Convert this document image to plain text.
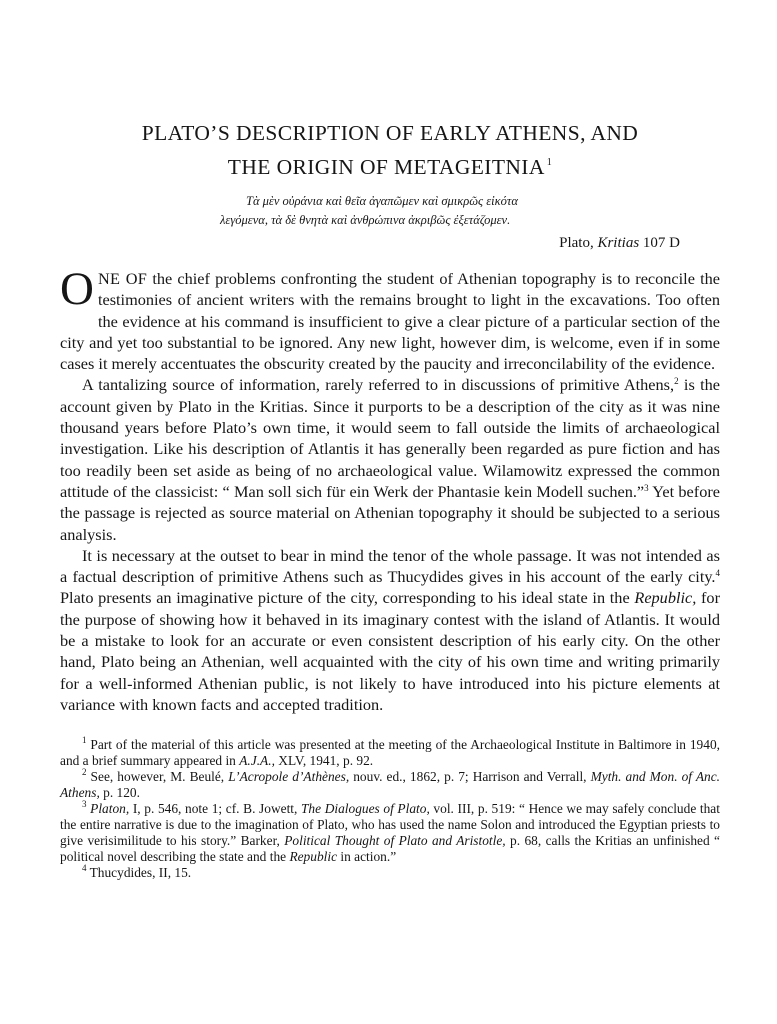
PLATO’S DESCRIPTION OF EARLY ATHENS, AND
THE ORIGIN OF METAGEITNIA $^1$
Τὰ μὲν οὐράνια καὶ θεῖα ἀγαπῶμεν καὶ σμικρῶς εἰκότα
λεγόμενα, τὰ δὲ θνητὰ καὶ ἀνθρώπινα ἀκριβῶς ἐξετάζομεν.
Plato, Kritias 107 D

ONE OF the chief problems confronting the student of Athenian topography is to reconcile the testimonies of ancient writers with the remains brought to light in the excavations. Too often the evidence at his command is insufficient to give a clear picture of a particular section of the city and yet too substantial to be ignored. Any new light, however dim, is welcome, even if in some cases it merely accentuates the obscurity created by the paucity and irreconcilability of the evidence.

A tantalizing source of information, rarely referred to in discussions of primitive Athens,$^2$ is the account given by Plato in the Kritias. Since it purports to be a description of the city as it was nine thousand years before Plato’s own time, it would seem to fall outside the limits of archaeological investigation. Like his description of Atlantis it has generally been regarded as pure fiction and has too readily been set aside as being of no archaeological value. Wilamowitz expressed the common attitude of the classicist: “ Man soll sich für ein Werk der Phantasie kein Modell suchen.”$^3$ Yet before the passage is rejected as source material on Athenian topography it should be subjected to a serious analysis.

It is necessary at the outset to bear in mind the tenor of the whole passage. It was not intended as a factual description of primitive Athens such as Thucydides gives in his account of the early city.$^4$ Plato presents an imaginative picture of the city, corresponding to his ideal state in the Republic, for the purpose of showing how it behaved in its imaginary contest with the island of Atlantis. It would be a mistake to look for an accurate or even consistent description of his early city. On the other hand, Plato being an Athenian, well acquainted with the city of his own time and writing primarily for a well-informed Athenian public, is not likely to have introduced into his picture elements at variance with known facts and accepted tradition.

$^1$ Part of the material of this article was presented at the meeting of the Archaeological Institute in Baltimore in 1940, and a brief summary appeared in A.J.A., XLV, 1941, p. 92.

$^2$ See, however, M. Beulé, L’Acropole d’Athènes, nouv. ed., 1862, p. 7; Harrison and Verrall, Myth. and Mon. of Anc. Athens, p. 120.

$^3$ Platon, I, p. 546, note 1; cf. B. Jowett, The Dialogues of Plato, vol. III, p. 519: “ Hence we may safely conclude that the entire narrative is due to the imagination of Plato, who has used the name Solon and introduced the Egyptian priests to give verisimilitude to his story.” Barker, Political Thought of Plato and Aristotle, p. 68, calls the Kritias an unfinished “ political novel describing the state and the Republic in action.”

$^4$ Thucydides, II, 15.
